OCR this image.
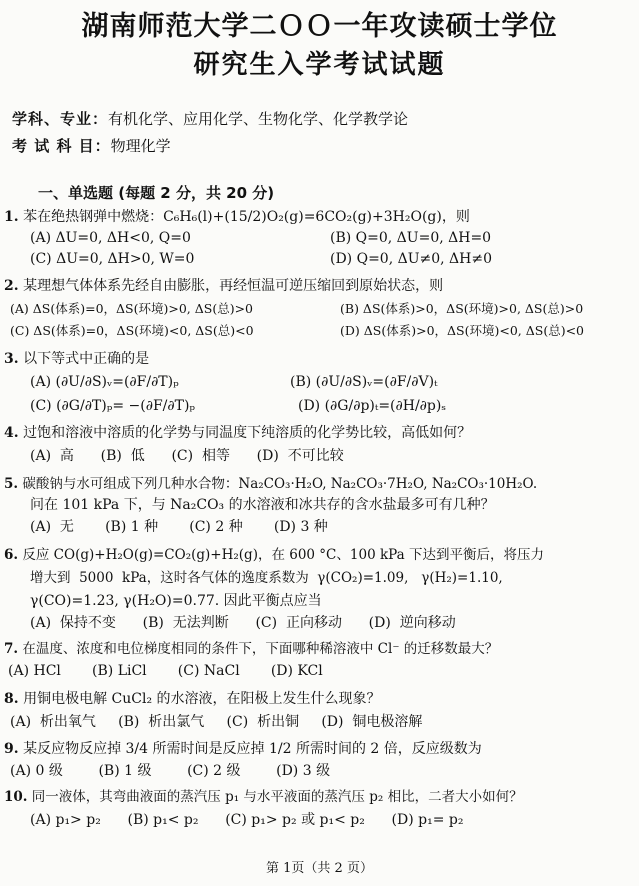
湖南师范大学二ＯＯ一年攻读硕士学位
研究生入学考试试题
学科、专业：有机化学、应用化学、生物化学、化学教学论
考 试 科 目：物理化学
一、单选题 (每题 2 分，共 20 分)
1. 苯在绝热钢弹中燃烧：C₆H₆(l)+(15/2)O₂(g)=6CO₂(g)+3H₂O(g)，则
(A) ΔU=0, ΔH<0, Q=0	(B) Q=0, ΔU=0, ΔH=0
(C) ΔU=0, ΔH>0, W=0	(D) Q=0, ΔU≠0, ΔH≠0
2. 某理想气体体系先经自由膨胀，再经恒温可逆压缩回到原始状态，则
(A) ΔS(体系)=0，ΔS(环境)>0, ΔS(总)>0	(B) ΔS(体系)>0，ΔS(环境)>0, ΔS(总)>0
(C) ΔS(体系)=0，ΔS(环境)<0, ΔS(总)<0	(D) ΔS(体系)>0，ΔS(环境)<0, ΔS(总)<0
3. 以下等式中正确的是
(A) (∂U/∂S)ᵥ=(∂F/∂T)ₚ	(B) (∂U/∂S)ᵥ=(∂F/∂V)ₜ
(C) (∂G/∂T)ₚ= −(∂F/∂T)ₚ	(D) (∂G/∂p)ₜ=(∂H/∂p)ₛ
4. 过饱和溶液中溶质的化学势与同温度下纯溶质的化学势比较，高低如何？
(A)  高      (B)  低      (C)  相等      (D)  不可比较
5. 碳酸钠与水可组成下列几种水合物：Na₂CO₃·H₂O, Na₂CO₃·7H₂O, Na₂CO₃·10H₂O.
问在 101 kPa 下，与 Na₂CO₃ 的水溶液和冰共存的含水盐最多可有几种？
(A)  无       (B) 1 种       (C) 2 种       (D) 3 种
6. 反应 CO(g)+H₂O(g)=CO₂(g)+H₂(g)，在 600 °C、100 kPa 下达到平衡后，将压力
增大到  5000  kPa，这时各气体的逸度系数为  γ(CO₂)=1.09,   γ(H₂)=1.10,
γ(CO)=1.23, γ(H₂O)=0.77. 因此平衡点应当
(A)  保持不变      (B)  无法判断      (C)  正向移动      (D)  逆向移动
7. 在温度、浓度和电位梯度相同的条件下，下面哪种稀溶液中 Cl⁻ 的迁移数最大？
(A) HCl       (B) LiCl       (C) NaCl       (D) KCl
8. 用铜电极电解 CuCl₂ 的水溶液，在阳极上发生什么现象？
(A)  析出氧气     (B)  析出氯气     (C)  析出铜     (D)  铜电极溶解
9. 某反应物反应掉 3/4 所需时间是反应掉 1/2 所需时间的 2 倍，反应级数为
(A) 0 级        (B) 1 级        (C) 2 级        (D) 3 级
10. 同一液体，其弯曲液面的蒸汽压 p₁ 与水平液面的蒸汽压 p₂ 相比，二者大小如何？
(A) p₁> p₂      (B) p₁< p₂      (C) p₁> p₂ 或 p₁< p₂      (D) p₁= p₂
第 1页（共 2 页）
